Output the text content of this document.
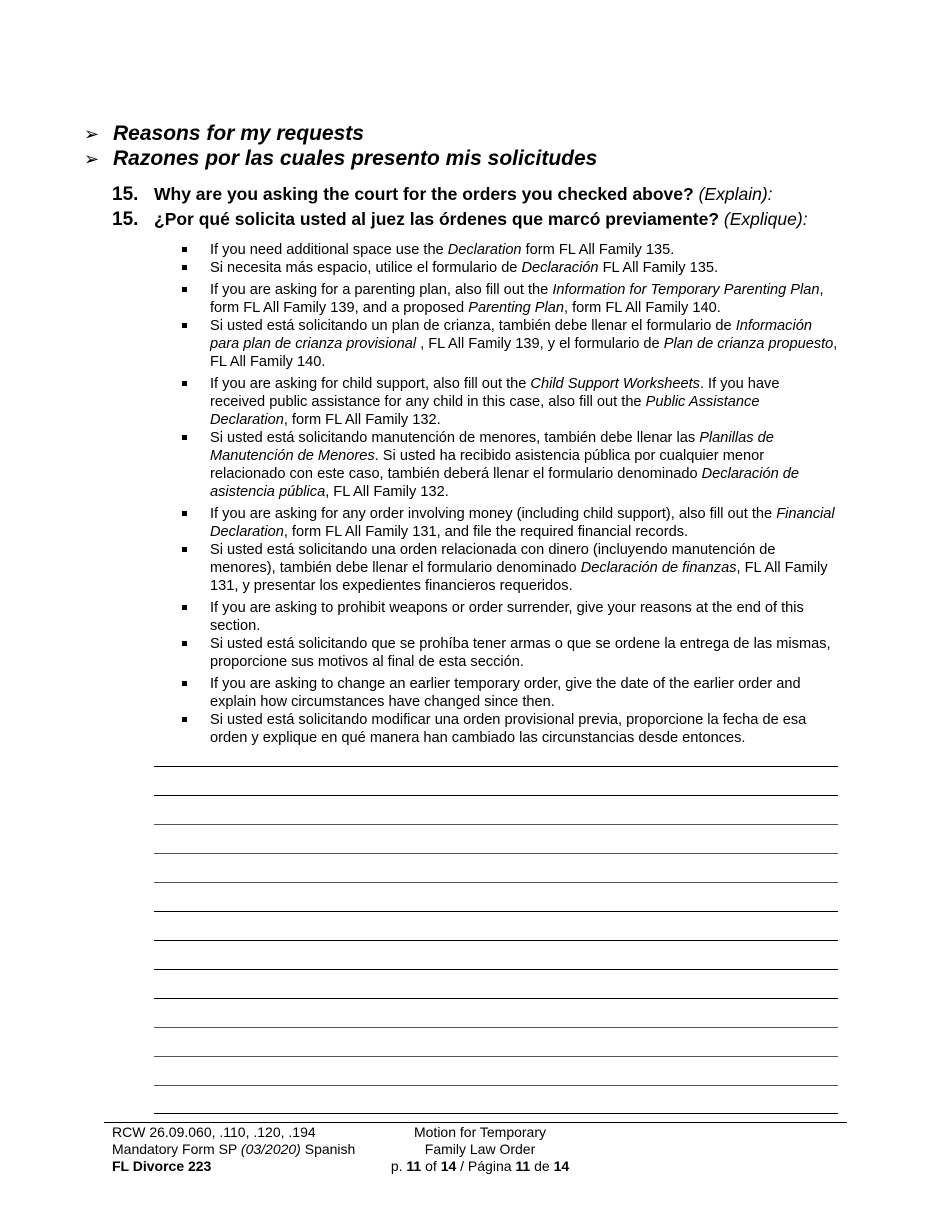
➢ Reasons for my requests
➢ Razones por las cuales presento mis solicitudes
15. Why are you asking the court for the orders you checked above? (Explain):
15. ¿Por qué solicita usted al juez las órdenes que marcó previamente? (Explique):
If you need additional space use the Declaration form FL All Family 135.
Si necesita más espacio, utilice el formulario de Declaración FL All Family 135.
If you are asking for a parenting plan, also fill out the Information for Temporary Parenting Plan, form FL All Family 139, and a proposed Parenting Plan, form FL All Family 140.
Si usted está solicitando un plan de crianza, también debe llenar el formulario de Información para plan de crianza provisional , FL All Family 139, y el formulario de Plan de crianza propuesto, FL All Family 140.
If you are asking for child support, also fill out the Child Support Worksheets. If you have received public assistance for any child in this case, also fill out the Public Assistance Declaration, form FL All Family 132.
Si usted está solicitando manutención de menores, también debe llenar las Planillas de Manutención de Menores. Si usted ha recibido asistencia pública por cualquier menor relacionado con este caso, también deberá llenar el formulario denominado Declaración de asistencia pública, FL All Family 132.
If you are asking for any order involving money (including child support), also fill out the Financial Declaration, form FL All Family 131, and file the required financial records.
Si usted está solicitando una orden relacionada con dinero (incluyendo manutención de menores), también debe llenar el formulario denominado Declaración de finanzas, FL All Family 131, y presentar los expedientes financieros requeridos.
If you are asking to prohibit weapons or order surrender, give your reasons at the end of this section.
Si usted está solicitando que se prohíba tener armas o que se ordene la entrega de las mismas, proporcione sus motivos al final de esta sección.
If you are asking to change an earlier temporary order, give the date of the earlier order and explain how circumstances have changed since then.
Si usted está solicitando modificar una orden provisional previa, proporcione la fecha de esa orden y explique en qué manera han cambiado las circunstancias desde entonces.
RCW 26.09.060, .110, .120, .194
Mandatory Form SP (03/2020) Spanish
FL Divorce 223
Motion for Temporary
Family Law Order
p. 11 of 14 / Página 11 de 14
